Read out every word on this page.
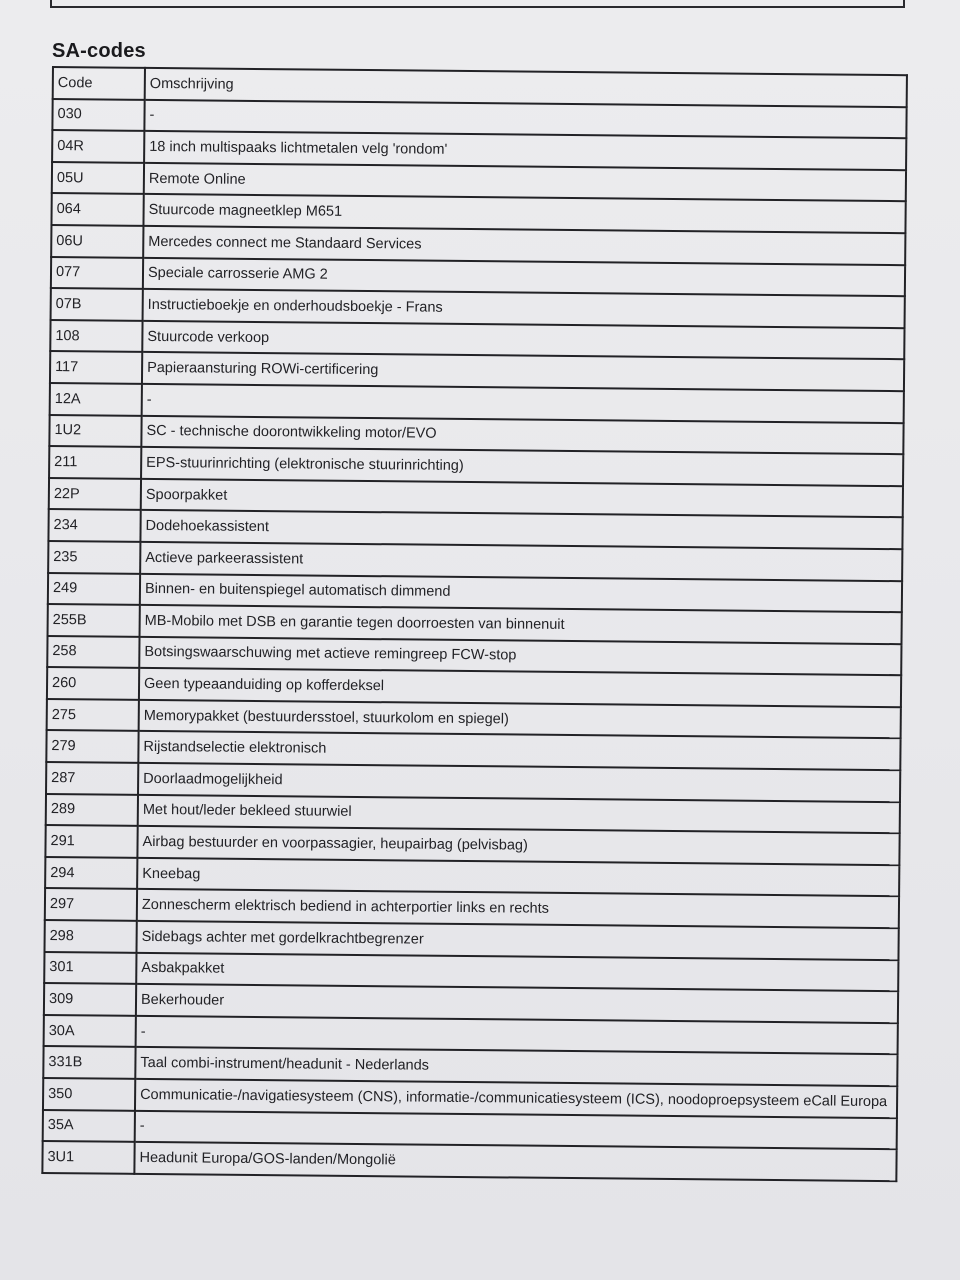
SA-codes
Code	Omschrijving
030	-
04R	18 inch multispaaks lichtmetalen velg 'rondom'
05U	Remote Online
064	Stuurcode magneetklep M651
06U	Mercedes connect me Standaard Services
077	Speciale carrosserie AMG 2
07B	Instructieboekje en onderhoudsboekje - Frans
108	Stuurcode verkoop
117	Papieraansturing ROWi-certificering
12A	-
1U2	SC - technische doorontwikkeling motor/EVO
211	EPS-stuurinrichting (elektronische stuurinrichting)
22P	Spoorpakket
234	Dodehoekassistent
235	Actieve parkeerassistent
249	Binnen- en buitenspiegel automatisch dimmend
255B	MB-Mobilo met DSB en garantie tegen doorroesten van binnenuit
258	Botsingswaarschuwing met actieve remingreep FCW-stop
260	Geen typeaanduiding op kofferdeksel
275	Memorypakket (bestuurdersstoel, stuurkolom en spiegel)
279	Rijstandselectie elektronisch
287	Doorlaadmogelijkheid
289	Met hout/leder bekleed stuurwiel
291	Airbag bestuurder en voorpassagier, heupairbag (pelvisbag)
294	Kneebag
297	Zonnescherm elektrisch bediend in achterportier links en rechts
298	Sidebags achter met gordelkrachtbegrenzer
301	Asbakpakket
309	Bekerhouder
30A	-
331B	Taal combi-instrument/headunit - Nederlands
350	Communicatie-/navigatiesysteem (CNS), informatie-/communicatiesysteem (ICS), noodoproepsysteem eCall Europa
35A	-
3U1	Headunit Europa/GOS-landen/Mongolië
